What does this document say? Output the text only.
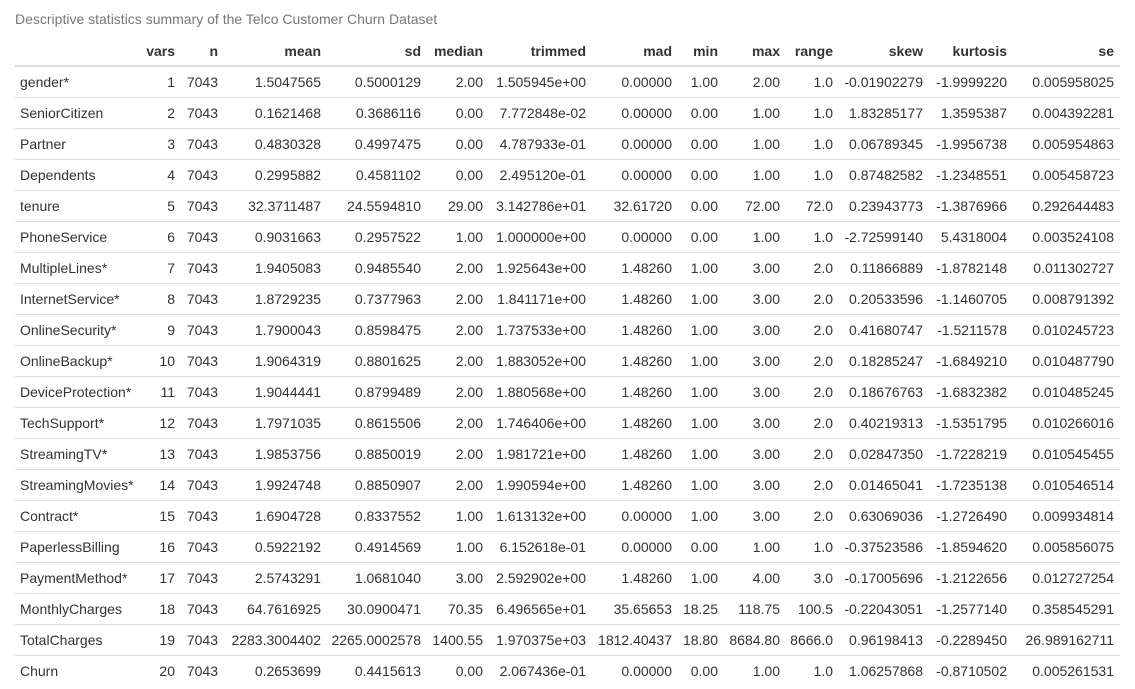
Descriptive statistics summary of the Telco Customer Churn Dataset
	vars	n	mean	sd	median	trimmed	mad	min	max	range	skew	kurtosis	se
gender*	1	7043	1.5047565	0.5000129	2.00	1.505945e+00	0.00000	1.00	2.00	1.0	-0.01902279	-1.9999220	0.005958025
SeniorCitizen	2	7043	0.1621468	0.3686116	0.00	7.772848e-02	0.00000	0.00	1.00	1.0	1.83285177	1.3595387	0.004392281
Partner	3	7043	0.4830328	0.4997475	0.00	4.787933e-01	0.00000	0.00	1.00	1.0	0.06789345	-1.9956738	0.005954863
Dependents	4	7043	0.2995882	0.4581102	0.00	2.495120e-01	0.00000	0.00	1.00	1.0	0.87482582	-1.2348551	0.005458723
tenure	5	7043	32.3711487	24.5594810	29.00	3.142786e+01	32.61720	0.00	72.00	72.0	0.23943773	-1.3876966	0.292644483
PhoneService	6	7043	0.9031663	0.2957522	1.00	1.000000e+00	0.00000	0.00	1.00	1.0	-2.72599140	5.4318004	0.003524108
MultipleLines*	7	7043	1.9405083	0.9485540	2.00	1.925643e+00	1.48260	1.00	3.00	2.0	0.11866889	-1.8782148	0.011302727
InternetService*	8	7043	1.8729235	0.7377963	2.00	1.841171e+00	1.48260	1.00	3.00	2.0	0.20533596	-1.1460705	0.008791392
OnlineSecurity*	9	7043	1.7900043	0.8598475	2.00	1.737533e+00	1.48260	1.00	3.00	2.0	0.41680747	-1.5211578	0.010245723
OnlineBackup*	10	7043	1.9064319	0.8801625	2.00	1.883052e+00	1.48260	1.00	3.00	2.0	0.18285247	-1.6849210	0.010487790
DeviceProtection*	11	7043	1.9044441	0.8799489	2.00	1.880568e+00	1.48260	1.00	3.00	2.0	0.18676763	-1.6832382	0.010485245
TechSupport*	12	7043	1.7971035	0.8615506	2.00	1.746406e+00	1.48260	1.00	3.00	2.0	0.40219313	-1.5351795	0.010266016
StreamingTV*	13	7043	1.9853756	0.8850019	2.00	1.981721e+00	1.48260	1.00	3.00	2.0	0.02847350	-1.7228219	0.010545455
StreamingMovies*	14	7043	1.9924748	0.8850907	2.00	1.990594e+00	1.48260	1.00	3.00	2.0	0.01465041	-1.7235138	0.010546514
Contract*	15	7043	1.6904728	0.8337552	1.00	1.613132e+00	0.00000	1.00	3.00	2.0	0.63069036	-1.2726490	0.009934814
PaperlessBilling	16	7043	0.5922192	0.4914569	1.00	6.152618e-01	0.00000	0.00	1.00	1.0	-0.37523586	-1.8594620	0.005856075
PaymentMethod*	17	7043	2.5743291	1.0681040	3.00	2.592902e+00	1.48260	1.00	4.00	3.0	-0.17005696	-1.2122656	0.012727254
MonthlyCharges	18	7043	64.7616925	30.0900471	70.35	6.496565e+01	35.65653	18.25	118.75	100.5	-0.22043051	-1.2577140	0.358545291
TotalCharges	19	7043	2283.3004402	2265.0002578	1400.55	1.970375e+03	1812.40437	18.80	8684.80	8666.0	0.96198413	-0.2289450	26.989162711
Churn	20	7043	0.2653699	0.4415613	0.00	2.067436e-01	0.00000	0.00	1.00	1.0	1.06257868	-0.8710502	0.005261531
